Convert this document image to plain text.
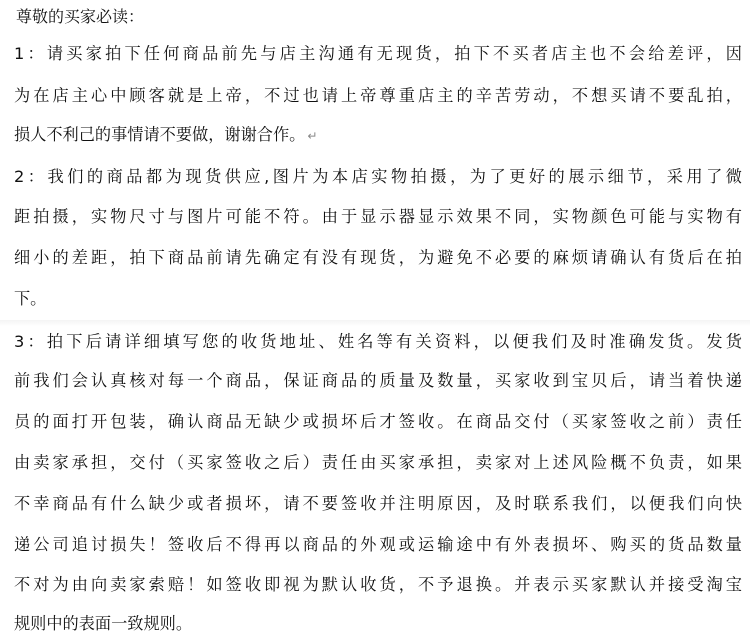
尊敬的买家必读：
1：请买家拍下任何商品前先与店主沟通有无现货，拍下不买者店主也不会给差评，因
为在店主心中顾客就是上帝，不过也请上帝尊重店主的辛苦劳动，不想买请不要乱拍，
损人不利己的事情请不要做，谢谢合作。 ↵
2：我们的商品都为现货供应,图片为本店实物拍摄，为了更好的展示细节，采用了微
距拍摄，实物尺寸与图片可能不符。由于显示器显示效果不同，实物颜色可能与实物有
细小的差距，拍下商品前请先确定有没有现货，为避免不必要的麻烦请确认有货后在拍
下。
3：拍下后请详细填写您的收货地址、姓名等有关资料，以便我们及时准确发货。发货
前我们会认真核对每一个商品，保证商品的质量及数量，买家收到宝贝后，请当着快递
员的面打开包装，确认商品无缺少或损坏后才签收。在商品交付（买家签收之前）责任
由卖家承担，交付（买家签收之后）责任由买家承担，卖家对上述风险概不负责，如果
不幸商品有什么缺少或者损坏，请不要签收并注明原因，及时联系我们，以便我们向快
递公司追讨损失！签收后不得再以商品的外观或运输途中有外表损坏、购买的货品数量
不对为由向卖家索赔！如签收即视为默认收货，不予退换。并表示买家默认并接受淘宝
规则中的表面一致规则。
